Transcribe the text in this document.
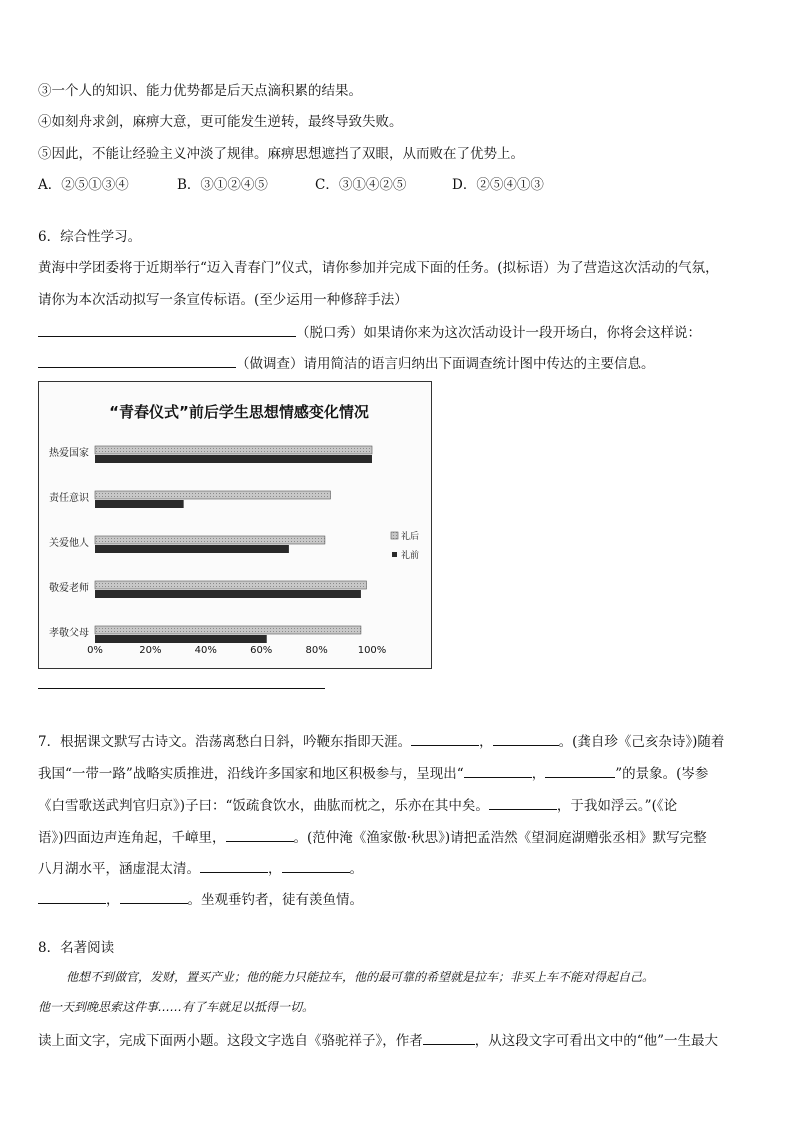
③一个人的知识、能力优势都是后天点滴积累的结果。
④如刻舟求剑，麻痹大意，更可能发生逆转，最终导致失败。
⑤因此，不能让经验主义冲淡了规律。麻痹思想遮挡了双眼，从而败在了优势上。
A．②⑤①③④	B．③①②④⑤	C．③①④②⑤	D．②⑤④①③
6．综合性学习。
黄海中学团委将于近期举行“迈入青春门”仪式，请你参加并完成下面的任务。(拟标语）为了营造这次活动的气氛，
请你为本次活动拟写一条宣传标语。(至少运用一种修辞手法）
（脱口秀）如果请你来为这次活动设计一段开场白，你将会这样说：
（做调查）请用简洁的语言归纳出下面调查统计图中传达的主要信息。
“青春仪式”前后学生思想情感变化情况
热爱国家
责任意识
关爱他人
敬爱老师
孝敬父母
0%	20%	40%	60%	80%	100%
礼后
礼前
7．根据课文默写古诗文。浩荡离愁白日斜，吟鞭东指即天涯。	，	。(龚自珍《己亥杂诗》)随着
我国“一带一路”战略实质推进，沿线许多国家和地区积极参与，呈现出“	，	”的景象。(岑参
《白雪歌送武判官归京》)子曰：“饭疏食饮水，曲肱而枕之，乐亦在其中矣。	，于我如浮云。”(《论
语》)四面边声连角起，千嶂里，	。(范仲淹《渔家傲·秋思》)请把孟浩然《望洞庭湖赠张丞相》默写完整
八月湖水平，涵虚混太清。	，	。
，	。坐观垂钓者，徒有羡鱼情。
8．名著阅读
他想不到做官，发财，置买产业；他的能力只能拉车，他的最可靠的希望就是拉车；非买上车不能对得起自己。
他一天到晚思索这件事……有了车就足以抵得一切。
读上面文字，完成下面两小题。这段文字选自《骆驼祥子》，作者	，从这段文字可看出文中的“他”一生最大
